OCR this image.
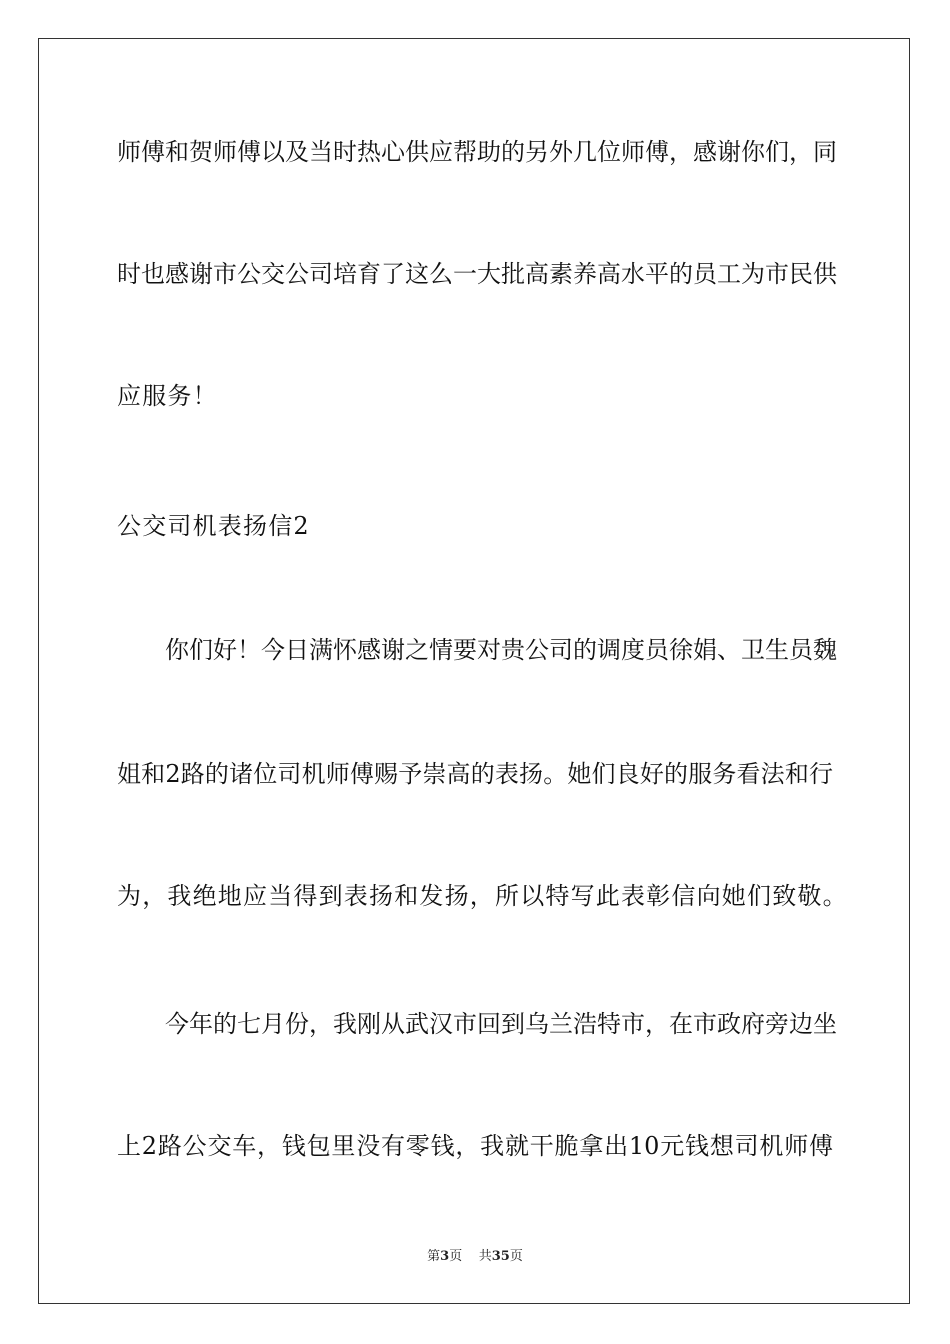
师傅和贺师傅以及当时热心供应帮助的另外几位师傅，感谢你们，同
时也感谢市公交公司培育了这么一大批高素养高水平的员工为市民供
应服务！
公交司机表扬信2
　　你们好！今日满怀感谢之情要对贵公司的调度员徐娟、卫生员魏
姐和2路的诸位司机师傅赐予崇高的表扬。她们良好的服务看法和行
为，我绝地应当得到表扬和发扬，所以特写此表彰信向她们致敬。
　　今年的七月份，我刚从武汉市回到乌兰浩特市，在市政府旁边坐
上2路公交车，钱包里没有零钱，我就干脆拿出10元钱想司机师傅
第3页 共35页
